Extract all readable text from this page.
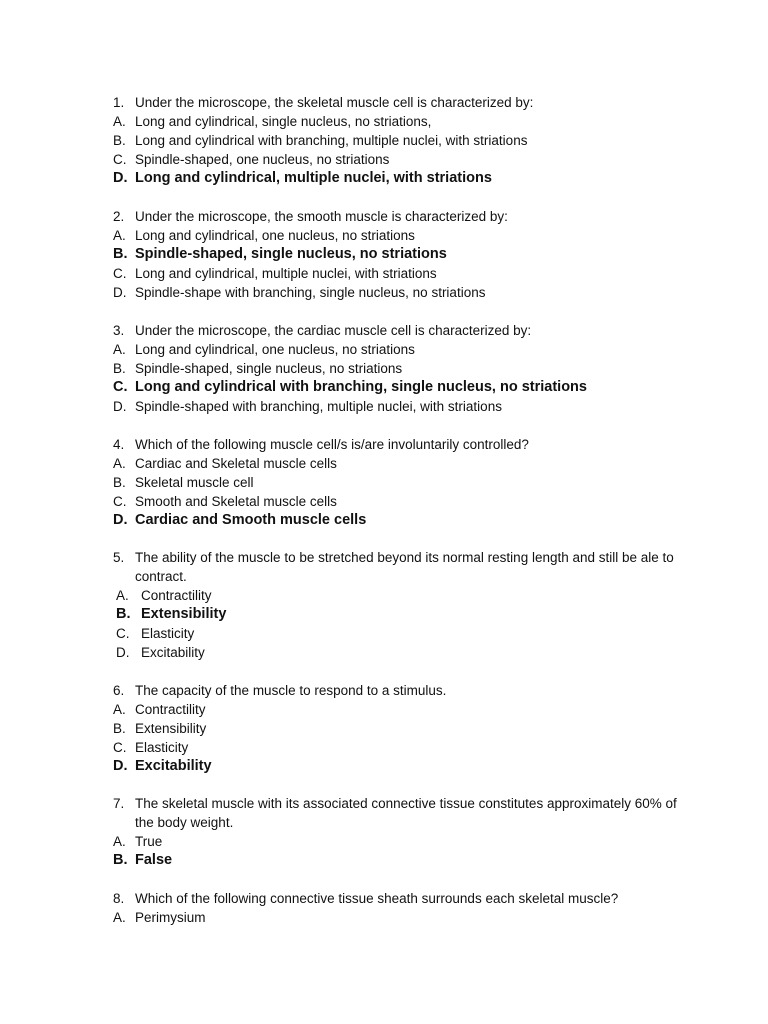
1. Under the microscope, the skeletal muscle cell is characterized by:
A. Long and cylindrical, single nucleus, no striations,
B. Long and cylindrical with branching, multiple nuclei, with striations
C. Spindle-shaped, one nucleus, no striations
D. Long and cylindrical, multiple nuclei, with striations
2. Under the microscope, the smooth muscle is characterized by:
A. Long and cylindrical, one nucleus, no striations
B. Spindle-shaped, single nucleus, no striations
C. Long and cylindrical, multiple nuclei, with striations
D. Spindle-shape with branching, single nucleus, no striations
3. Under the microscope, the cardiac muscle cell is characterized by:
A. Long and cylindrical, one nucleus, no striations
B. Spindle-shaped, single nucleus, no striations
C. Long and cylindrical with branching, single nucleus, no striations
D. Spindle-shaped with branching, multiple nuclei, with striations
4. Which of the following muscle cell/s is/are involuntarily controlled?
A. Cardiac and Skeletal muscle cells
B. Skeletal muscle cell
C. Smooth and Skeletal muscle cells
D. Cardiac and Smooth muscle cells
5. The ability of the muscle to be stretched beyond its normal resting length and still be ale to contract.
A. Contractility
B. Extensibility
C. Elasticity
D. Excitability
6. The capacity of the muscle to respond to a stimulus.
A. Contractility
B. Extensibility
C. Elasticity
D. Excitability
7. The skeletal muscle with its associated connective tissue constitutes approximately 60% of the body weight.
A. True
B. False
8. Which of the following connective tissue sheath surrounds each skeletal muscle?
A. Perimysium
